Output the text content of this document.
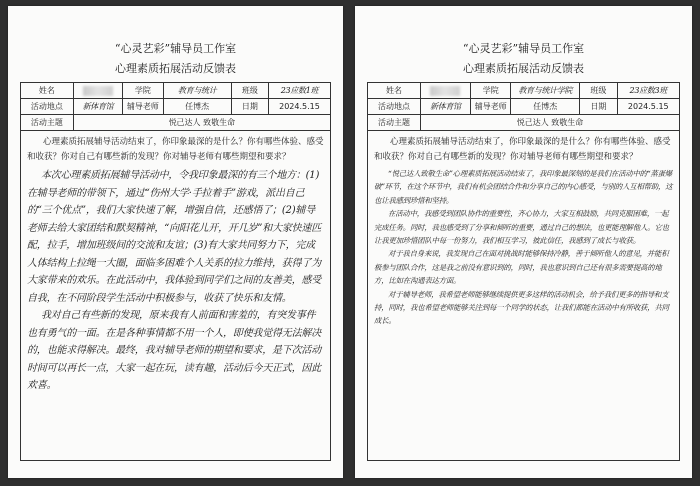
“心灵艺彩”辅导员工作室
心理素质拓展活动反馈表
姓名		学院	教育与统计	班级	23应数1班
活动地点	新体育馆	辅导老师	任博杰	日期	2024.5.15
活动主题	悦己达人 致敬生命				

心理素质拓展辅导活动结束了，你印象最深的是什么？你有哪些体验、感受和收获？你对自己有哪些新的发现？你对辅导老师有哪些期望和要求？

本次心理素质拓展辅导活动中，令我印象最深的有三个地方：(1)在辅导老师的带领下，通过“伤州大学·手拉着手”游戏，派出自己的“三个优点”，我们大家快速了解，增强自信，还感悟了；(2)辅导老师去给大家团结和默契精神，“向阳花儿开，开几岁”和大家快速匹配，拉手，增加班级间的交流和友谊；(3)有大家共同努力下，完成人体结构上拉绳一大圈，面临多困难个人关系的拉力维持，获得了为大家带来的欢乐。在此活动中，我体验到同学们之间的友善美，感受自我，在不同阶段学生活动中积极参与，收获了快乐和友情。

我对自己有些新的发现，原来我有人前面和害羞的，有突发事件也有勇气的一面。在是各种事情都不用一个人，即使我觉得无法解决的，也能求得解决。最终，我对辅导老师的期望和要求，是下次活动时间可以再长一点，大家一起在玩，读有趣，活动后今天正式，因此欢喜。

“心灵艺彩”辅导员工作室
心理素质拓展活动反馈表
姓名		学院	教育与统计学院	班级	23应数3班
活动地点	新体育馆	辅导老师	任博杰	日期	2024.5.15
活动主题	悦己达人 致敬生命				

心理素质拓展辅导活动结束了，你印象最深的是什么？你有哪些体验、感受和收获？你对自己有哪些新的发现？你对辅导老师有哪些期望和要求？

“悦己达人致敬生命”心理素质拓展活动结束了，我印象最深刻的是我们在活动中的“蒸蛋爆破”环节，在这个环节中，我们有机会团结合作和分享自己的内心感受，与别的人互相帮助，这也让我感到珍惜和坚持。

在活动中，我感受到团队协作的重要性，齐心协力，大家互相鼓励，共同克服困难，一起完成任务。同时，我也感受到了分享和倾听的重要，通过自己的想法，也更能理解他人。它也让我更加珍惜团队中每一份努力，我们相互学习，彼此信任，我感到了成长与收获。

对于我自身来说，我发现自己在面对挑战时能够保持冷静，善于倾听他人的意见，并能积极参与团队合作，这是我之前没有意识到的，同时，我也意识到自己还有很多需要提高的地方，比如在沟通表达方面。

对于辅导老师，我希望老师能够继续提供更多这样的活动机会，给予我们更多的指导和支持，同时，我也希望老师能够关注到每一个同学的状态，让我们都能在活动中有所收获，共同成长。
